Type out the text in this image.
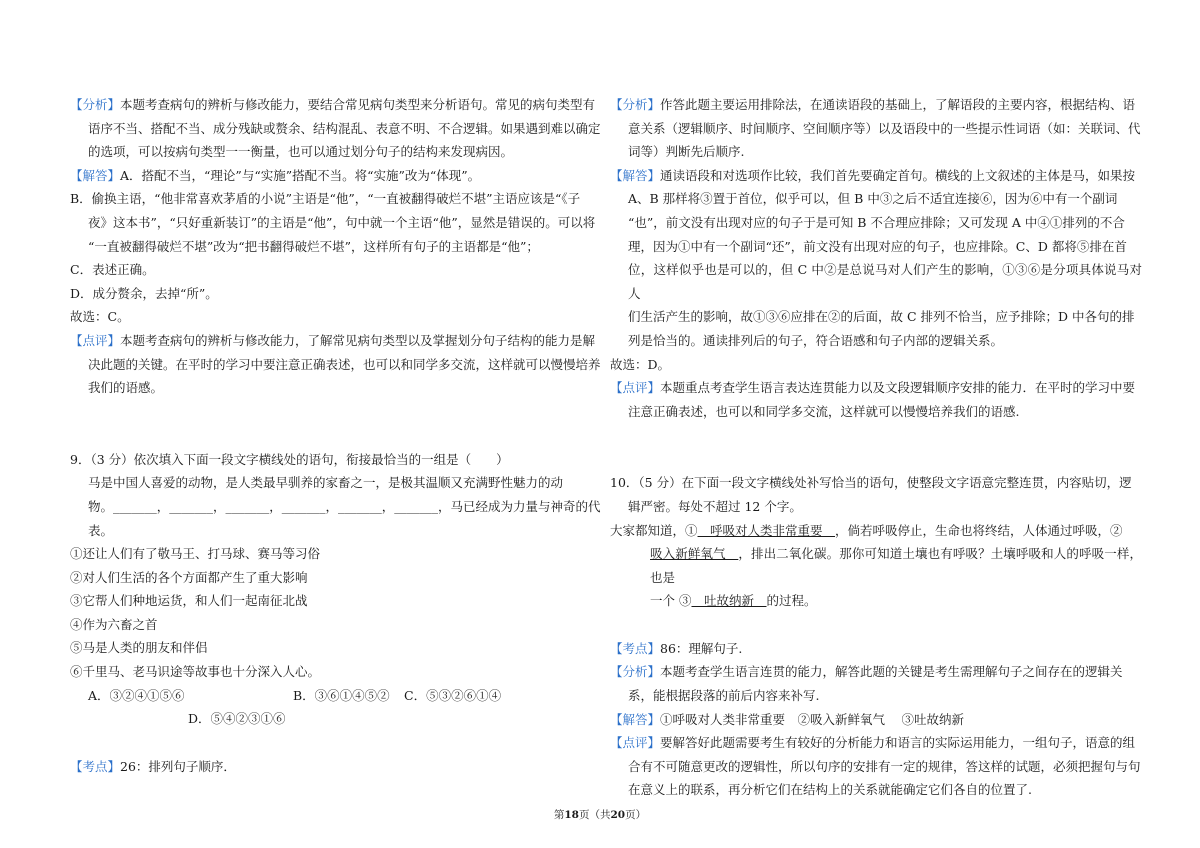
【分析】本题考查病句的辨析与修改能力，要结合常见病句类型来分析语句。常见的病句类型有

语序不当、搭配不当、成分残缺或赘余、结构混乱、表意不明、不合逻辑。如果遇到难以确定

的选项，可以按病句类型一一衡量，也可以通过划分句子的结构来发现病因。

【解答】A．搭配不当，“理论”与“实施”搭配不当。将“实施”改为“体现”。

B．偷换主语，“他非常喜欢茅盾的小说”主语是“他”，“一直被翻得破烂不堪”主语应该是“《子

夜》这本书”，“只好重新装订”的主语是“他”，句中就一个主语“他”，显然是错误的。可以将

“一直被翻得破烂不堪”改为“把书翻得破烂不堪”，这样所有句子的主语都是“他”；

C．表述正确。

D．成分赘余，去掉“所”。

故选：C。

【点评】本题考查病句的辨析与修改能力，了解常见病句类型以及掌握划分句子结构的能力是解

决此题的关键。在平时的学习中要注意正确表述，也可以和同学多交流，这样就可以慢慢培养

我们的语感。

9．（3 分）依次填入下面一段文字横线处的语句，衔接最恰当的一组是（　　）

马是中国人喜爱的动物，是人类最早驯养的家畜之一，是极其温顺又充满野性魅力的动

物。_______，_______，_______，_______，_______，_______，马已经成为力量与神奇的代

表。

①还让人们有了敬马王、打马球、赛马等习俗

②对人们生活的各个方面都产生了重大影响

③它帮人们种地运货，和人们一起南征北战

④作为六畜之首

⑤马是人类的朋友和伴侣

⑥千里马、老马识途等故事也十分深入人心。

A．③②④①⑤⑥	B．③⑥①④⑤②	C．⑤③②⑥①④
D．⑤④②③①⑥

【考点】26：排列句子顺序．

【分析】作答此题主要运用排除法，在通读语段的基础上，了解语段的主要内容，根据结构、语

意关系（逻辑顺序、时间顺序、空间顺序等）以及语段中的一些提示性词语（如：关联词、代

词等）判断先后顺序.

【解答】通读语段和对选项作比较，我们首先要确定首句。横线的上文叙述的主体是马，如果按

A、B 那样将③置于首位，似乎可以，但 B 中③之后不适宜连接⑥，因为⑥中有一个副词

“也”，前文没有出现对应的句子于是可知 B 不合理应排除；又可发现 A 中④①排列的不合

理，因为①中有一个副词“还”，前文没有出现对应的句子，也应排除。C、D 都将⑤排在首

位，这样似乎也是可以的，但 C 中②是总说马对人们产生的影响，①③⑥是分项具体说马对人

们生活产生的影响，故①③⑥应排在②的后面，故 C 排列不恰当，应予排除；D 中各句的排

列是恰当的。通读排列后的句子，符合语感和句子内部的逻辑关系。

故选：D。

【点评】本题重点考查学生语言表达连贯能力以及文段逻辑顺序安排的能力．在平时的学习中要

注意正确表述，也可以和同学多交流，这样就可以慢慢培养我们的语感.

10．（5 分）在下面一段文字横线处补写恰当的语句，使整段文字语意完整连贯，内容贴切，逻

辑严密。每处不超过 12 个字。

大家都知道，①　呼吸对人类非常重要　，倘若呼吸停止，生命也将终结，人体通过呼吸，②

吸入新鲜氧气　，排出二氧化碳。那你可知道土壤也有呼吸？土壤呼吸和人的呼吸一样，也是

一个 ③　吐故纳新　的过程。

【考点】86：理解句子.

【分析】本题考查学生语言连贯的能力，解答此题的关键是考生需理解句子之间存在的逻辑关

系，能根据段落的前后内容来补写.

【解答】①呼吸对人类非常重要　②吸入新鲜氧气　 ③吐故纳新

【点评】要解答好此题需要考生有较好的分析能力和语言的实际运用能力，一组句子，语意的组

合有不可随意更改的逻辑性，所以句序的安排有一定的规律，答这样的试题，必须把握句与句

在意义上的联系，再分析它们在结构上的关系就能确定它们各自的位置了.

第18页（共20页）
